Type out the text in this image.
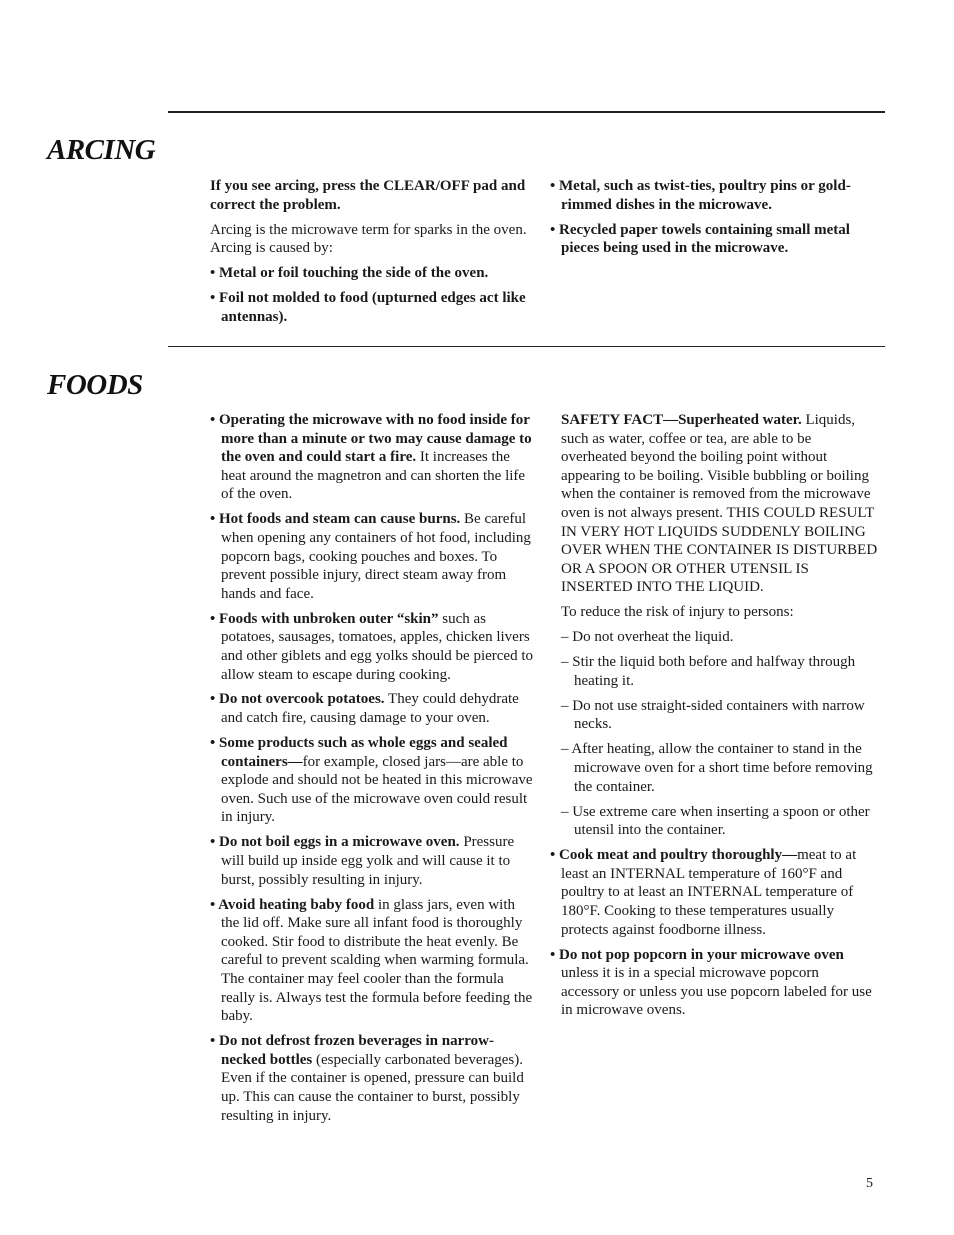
ARCING

If you see arcing, press the CLEAR/OFF pad and correct the problem.

Arcing is the microwave term for sparks in the oven. Arcing is caused by:

• Metal or foil touching the side of the oven.

• Foil not molded to food (upturned edges act like antennas).

• Metal, such as twist-ties, poultry pins or gold-rimmed dishes in the microwave.

• Recycled paper towels containing small metal pieces being used in the microwave.

FOODS

• Operating the microwave with no food inside for more than a minute or two may cause damage to the oven and could start a fire. It increases the heat around the magnetron and can shorten the life of the oven.

• Hot foods and steam can cause burns. Be careful when opening any containers of hot food, including popcorn bags, cooking pouches and boxes. To prevent possible injury, direct steam away from hands and face.

• Foods with unbroken outer “skin” such as potatoes, sausages, tomatoes, apples, chicken livers and other giblets and egg yolks should be pierced to allow steam to escape during cooking.

• Do not overcook potatoes. They could dehydrate and catch fire, causing damage to your oven.

• Some products such as whole eggs and sealed containers—for example, closed jars—are able to explode and should not be heated in this microwave oven. Such use of the microwave oven could result in injury.

• Do not boil eggs in a microwave oven. Pressure will build up inside egg yolk and will cause it to burst, possibly resulting in injury.

• Avoid heating baby food in glass jars, even with the lid off. Make sure all infant food is thoroughly cooked. Stir food to distribute the heat evenly. Be careful to prevent scalding when warming formula. The container may feel cooler than the formula really is. Always test the formula before feeding the baby.

• Do not defrost frozen beverages in narrow-necked bottles (especially carbonated beverages). Even if the container is opened, pressure can build up. This can cause the container to burst, possibly resulting in injury.

SAFETY FACT—Superheated water. Liquids, such as water, coffee or tea, are able to be overheated beyond the boiling point without appearing to be boiling. Visible bubbling or boiling when the container is removed from the microwave oven is not always present. THIS COULD RESULT IN VERY HOT LIQUIDS SUDDENLY BOILING OVER WHEN THE CONTAINER IS DISTURBED OR A SPOON OR OTHER UTENSIL IS INSERTED INTO THE LIQUID.

To reduce the risk of injury to persons:

– Do not overheat the liquid.

– Stir the liquid both before and halfway through heating it.

– Do not use straight-sided containers with narrow necks.

– After heating, allow the container to stand in the microwave oven for a short time before removing the container.

– Use extreme care when inserting a spoon or other utensil into the container.

• Cook meat and poultry thoroughly—meat to at least an INTERNAL temperature of 160°F and poultry to at least an INTERNAL temperature of 180°F. Cooking to these temperatures usually protects against foodborne illness.

• Do not pop popcorn in your microwave oven unless it is in a special microwave popcorn accessory or unless you use popcorn labeled for use in microwave ovens.

5
